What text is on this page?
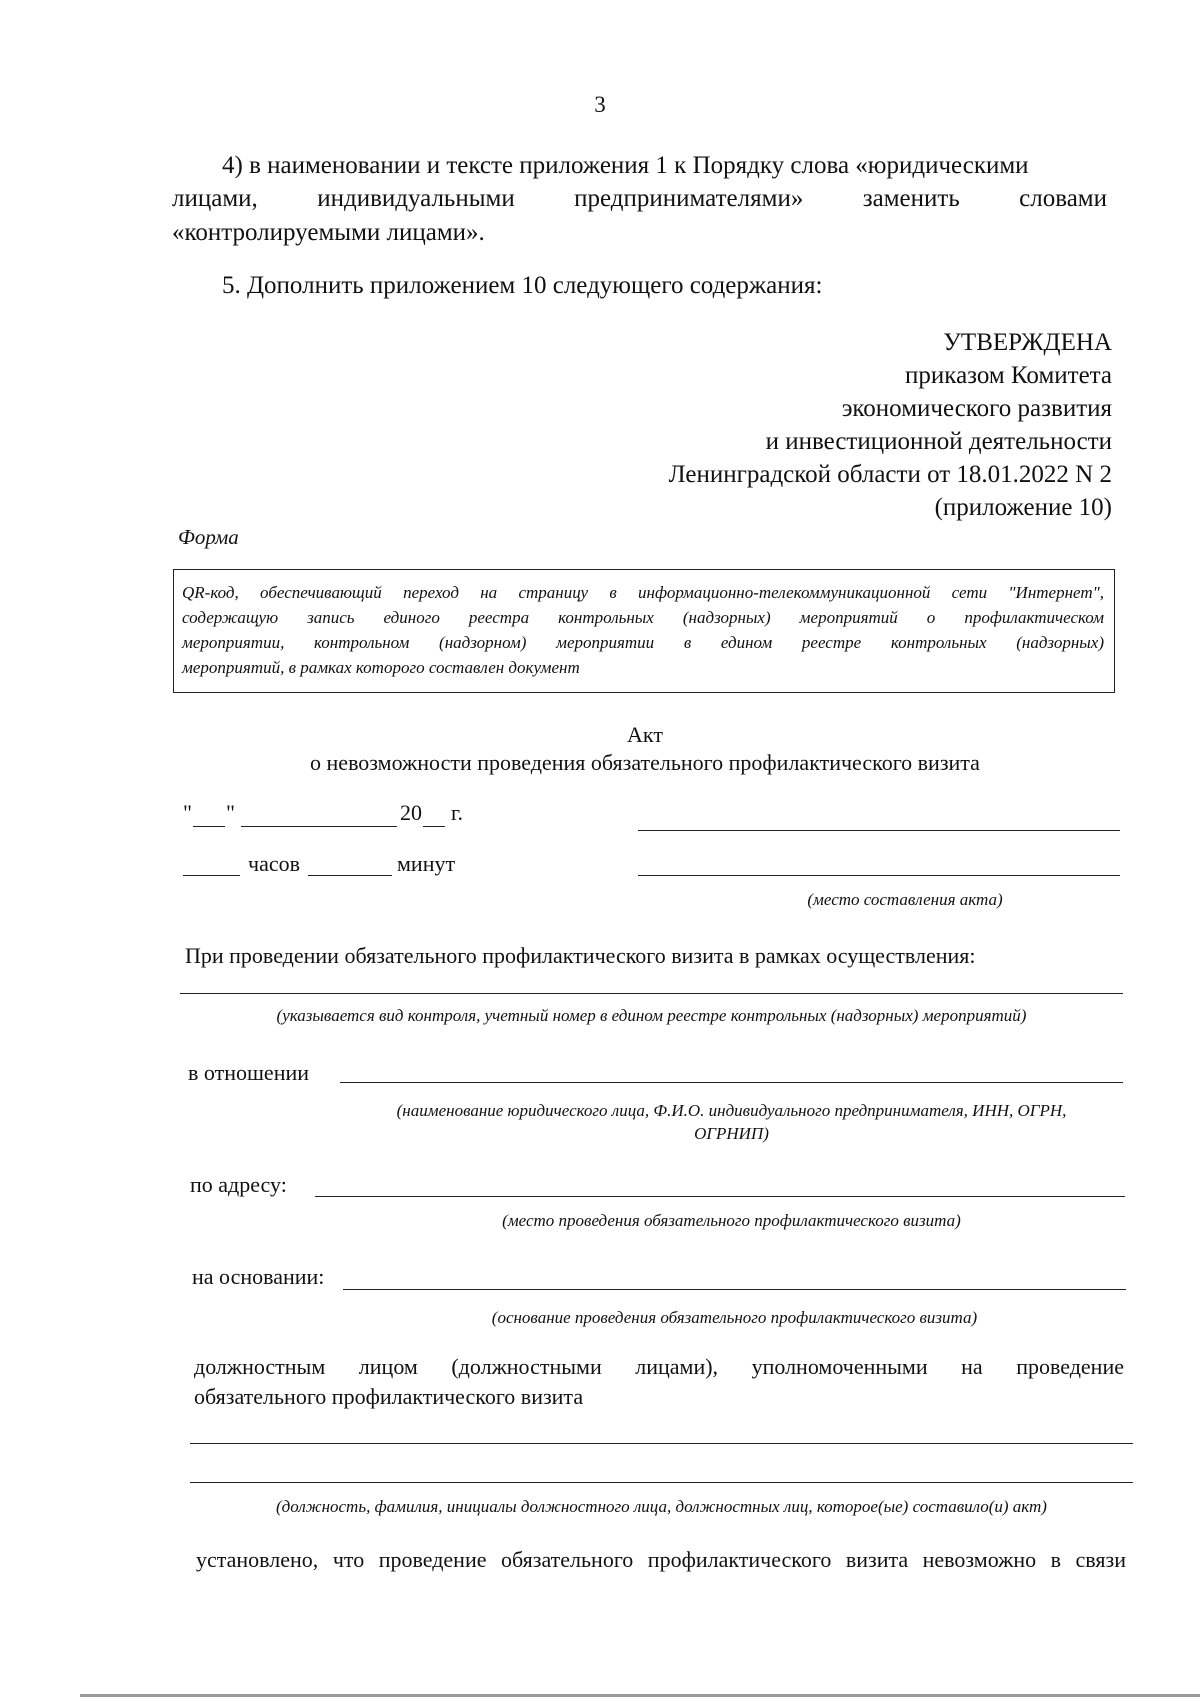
3
4) в наименовании и тексте приложения 1 к Порядку слова «юридическими
лицами, индивидуальными предпринимателями» заменить словами
«контролируемыми лицами».
5. Дополнить приложением 10 следующего содержания:
УТВЕРЖДЕНА
приказом Комитета
экономического развития
и инвестиционной деятельности
Ленинградской области от 18.01.2022 N 2
(приложение 10)
Форма
QR-код, обеспечивающий переход на страницу в информационно-телекоммуникационной сети "Интернет",
содержащую запись единого реестра контрольных (надзорных) мероприятий о профилактическом
мероприятии, контрольном (надзорном) мероприятии в едином реестре контрольных (надзорных)
мероприятий, в рамках которого составлен документ
Акт
о невозможности проведения обязательного профилактического визита
" "	20 г.
часов	минут
(место составления акта)
При проведении обязательного профилактического визита в рамках осуществления:
(указывается вид контроля, учетный номер в едином реестре контрольных (надзорных) мероприятий)
в отношении
(наименование юридического лица, Ф.И.О. индивидуального предпринимателя, ИНН, ОГРН,
ОГРНИП)
по адресу:
(место проведения обязательного профилактического визита)
на основании:
(основание проведения обязательного профилактического визита)
должностным лицом (должностными лицами), уполномоченными на проведение
обязательного профилактического визита
(должность, фамилия, инициалы должностного лица, должностных лиц, которое(ые) составило(и) акт)
установлено, что проведение обязательного профилактического визита невозможно в связи
